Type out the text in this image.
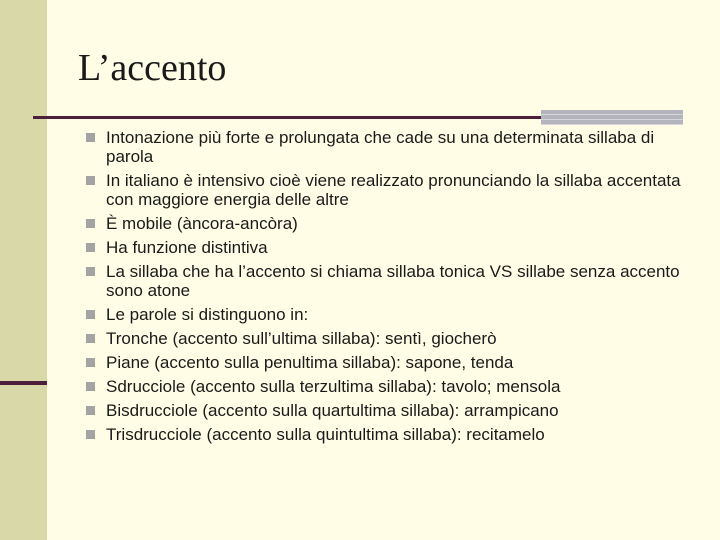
L’accento
Intonazione più forte e prolungata che cade su una determinata sillaba di parola
In italiano è intensivo cioè viene realizzato pronunciando la sillaba accentata con maggiore energia delle altre
È mobile (àncora-ancòra)
Ha funzione distintiva
La sillaba che ha l’accento si chiama sillaba tonica VS sillabe senza accento sono atone
Le parole si distinguono in:
Tronche (accento sull’ultima sillaba): sentì, giocherò
Piane (accento sulla penultima sillaba): sapone, tenda
Sdrucciole (accento sulla terzultima sillaba): tavolo; mensola
Bisdrucciole (accento sulla quartultima sillaba): arrampicano
Trisdrucciole (accento sulla quintultima sillaba): recitamelo
